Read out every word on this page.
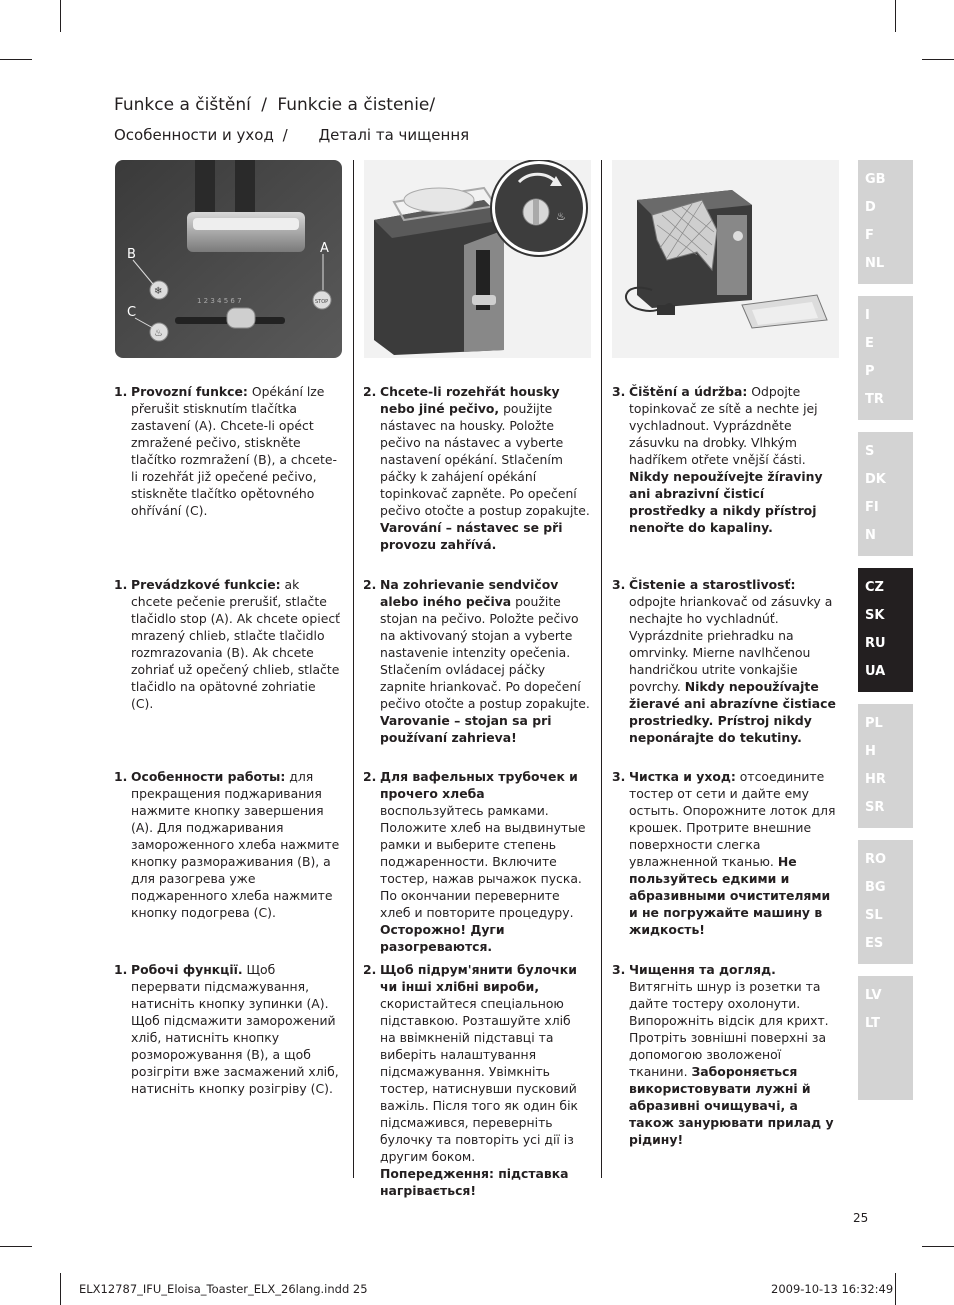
Funkce a čištění / Funkcie a čistenie/
Особенности и уход / Деталі та чищення
1 2 3 4 5 6 7
❄
♨
STOP
B
C
A
♨
1. Provozní funkce: Opékání lze přerušit stisknutím tlačítka zastavení (A). Chcete-li opéct zmražené pečivo, stiskněte tlačítko rozmražení (B), a chcete-li rozehřát již opečené pečivo, stiskněte tlačítko opětovného ohřívání (C).
2. Chcete-li rozehřát housky nebo jiné pečivo, použijte nástavec na housky. Položte pečivo na nástavec a vyberte nastavení opékání. Stlačením páčky k zahájení opékání topinkovač zapněte. Po opečení pečivo otočte a postup zopakujte. Varování – nástavec se při provozu zahřívá.
3. Čištění a údržba: Odpojte topinkovač ze sítě a nechte jej vychladnout. Vyprázdněte zásuvku na drobky. Vlhkým hadříkem otřete vnější části. Nikdy nepoužívejte žíraviny ani abrazivní čisticí prostředky a nikdy přístroj nenořte do kapaliny.
1. Prevádzkové funkcie: ak chcete pečenie prerušiť, stlačte tlačidlo stop (A). Ak chcete opiecť mrazený chlieb, stlačte tlačidlo rozmrazovania (B). Ak chcete zohriať už opečený chlieb, stlačte tlačidlo na opätovné zohriatie (C).
2. Na zohrievanie sendvičov alebo iného pečiva použite stojan na pečivo. Položte pečivo na aktivovaný stojan a vyberte nastavenie intenzity opečenia. Stlačením ovládacej páčky zapnite hriankovač. Po dopečení pečivo otočte a postup zopakujte. Varovanie – stojan sa pri používaní zahrieva!
3. Čistenie a starostlivosť: odpojte hriankovač od zásuvky a nechajte ho vychladnúť. Vyprázdnite priehradku na omrvinky. Mierne navlhčenou handričkou utrite vonkajšie povrchy. Nikdy nepoužívajte žieravé ani abrazívne čistiace prostriedky. Prístroj nikdy neponárajte do tekutiny.
1. Особенности работы: для прекращения поджаривания нажмите кнопку завершения (A). Для поджаривания замороженного хлеба нажмите кнопку размораживания (B), а для разогрева уже поджаренного хлеба нажмите кнопку подогрева (C).
2. Для вафельных трубочек и прочего хлеба воспользуйтесь рамками. Положите хлеб на выдвинутые рамки и выберите степень поджаренности. Включите тостер, нажав рычажок пуска. По окончании переверните хлеб и повторите процедуру. Осторожно! Дуги разогреваются.
3. Чистка и уход: отсоедините тостер от сети и дайте ему остыть. Опорожните лоток для крошек. Протрите внешние поверхности слегка увлажненной тканью. Не пользуйтесь едкими и абразивными очистителями и не погружайте машину в жидкость!
1. Робочі функції. Щоб перервати підсмажування, натисніть кнопку зупинки (A). Щоб підсмажити заморожений хліб, натисніть кнопку розморожування (B), а щоб розігріти вже засмажений хліб, натисніть кнопку розігріву (C).
2. Щоб підрум'янити булочки чи інші хлібні вироби, скористайтеся спеціальною підставкою. Розташуйте хліб на ввімкненій підставці та виберіть налаштування підсмажування. Увімкніть тостер, натиснувши пусковий важіль. Після того як один бік підсмажився, переверніть булочку та повторіть усі дії із другим боком. Попередження: підставка нагрівається!
3. Чищення та догляд. Витягніть шнур із розетки та дайте тостеру охолонути. Випорожніть відсік для крихт. Протріть зовнішні поверхні за допомогою зволоженої тканини. Забороняється використовувати лужні й абразивні очищувачі, а також занурювати прилад у рідину!
GB
D
F
NL
I
E
P
TR
S
DK
FI
N
CZ
SK
RU
UA
PL
H
HR
SR
RO
BG
SL
ES
LV
LT
25
ELX12787_IFU_Eloisa_Toaster_ELX_26lang.indd 25	2009-10-13 16:32:49
